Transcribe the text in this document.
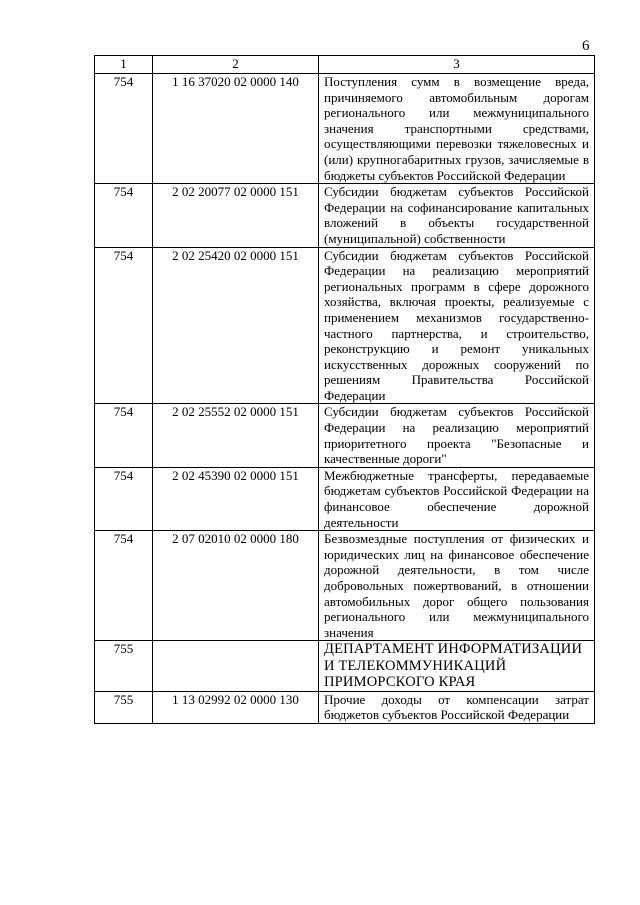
6
1	2	3
754	1 16 37020 02 0000 140	Поступления сумм в возмещение вреда, причиняемого автомобильным дорогам регионального или межмуниципального значения транспортными средствами, осуществляющими перевозки тяжеловесных и (или) крупногабаритных грузов, зачисляемые в бюджеты субъектов Российской Федерации
754	2 02 20077 02 0000 151	Субсидии бюджетам субъектов Российской Федерации на софинансирование капитальных вложений в объекты государственной (муниципальной) собственности
754	2 02 25420 02 0000 151	Субсидии бюджетам субъектов Российской Федерации на реализацию мероприятий региональных программ в сфере дорожного хозяйства, включая проекты, реализуемые с применением механизмов государственно-частного партнерства, и строительство, реконструкцию и ремонт уникальных искусственных дорожных сооружений по решениям Правительства Российской Федерации
754	2 02 25552 02 0000 151	Субсидии бюджетам субъектов Российской Федерации на реализацию мероприятий приоритетного проекта "Безопасные и качественные дороги"
754	2 02 45390 02 0000 151	Межбюджетные трансферты, передаваемые бюджетам субъектов Российской Федерации на финансовое обеспечение дорожной деятельности
754	2 07 02010 02 0000 180	Безвозмездные поступления от физических и юридических лиц на финансовое обеспечение дорожной деятельности, в том числе добровольных пожертвований, в отношении автомобильных дорог общего пользования регионального или межмуниципального значения
755		ДЕПАРТАМЕНТ ИНФОРМАТИЗАЦИИ И ТЕЛЕКОММУНИКАЦИЙ ПРИМОРСКОГО КРАЯ
755	1 13 02992 02 0000 130	Прочие доходы от компенсации затрат бюджетов субъектов Российской Федерации
